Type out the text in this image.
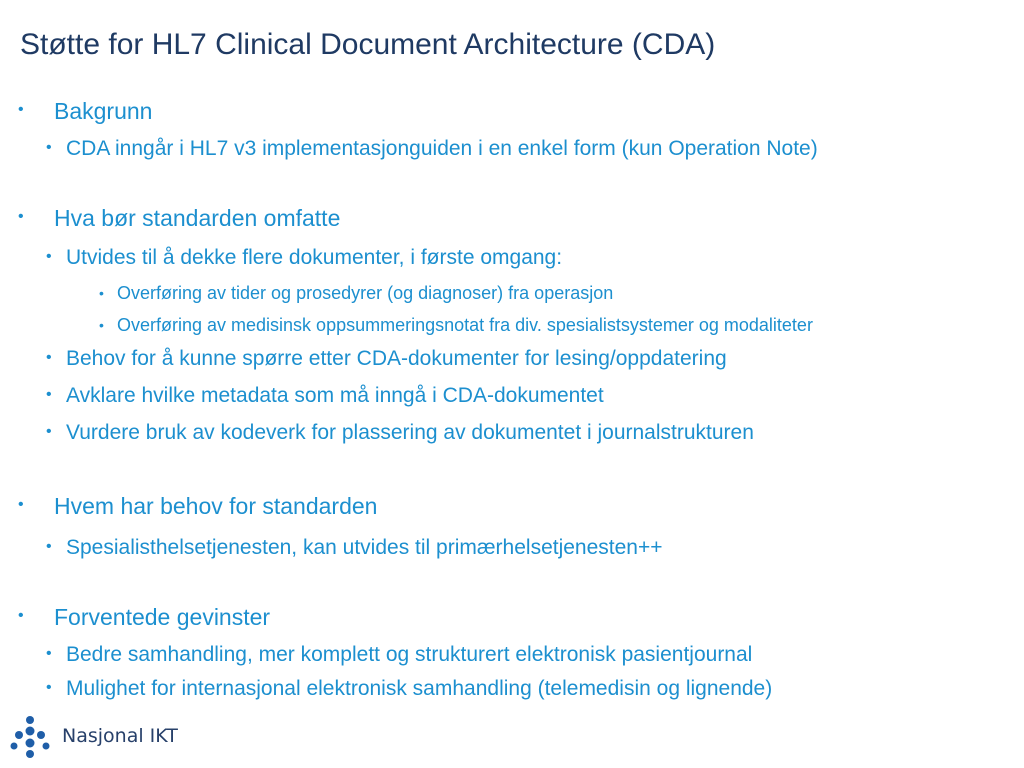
Støtte for HL7 Clinical Document Architecture (CDA)
• Bakgrunn
• CDA inngår i HL7 v3 implementasjonguiden i en enkel form (kun Operation Note)
• Hva bør standarden omfatte
• Utvides til å dekke flere dokumenter, i første omgang:
• Overføring av tider og prosedyrer (og diagnoser) fra operasjon
• Overføring av medisinsk oppsummeringsnotat fra div. spesialistsystemer og modaliteter
• Behov for å kunne spørre etter CDA-dokumenter for lesing/oppdatering
• Avklare hvilke metadata som må inngå i CDA-dokumentet
• Vurdere bruk av kodeverk for plassering av dokumentet i journalstrukturen
• Hvem har behov for standarden
• Spesialisthelsetjenesten, kan utvides til primærhelsetjenesten++
• Forventede gevinster
• Bedre samhandling, mer komplett og strukturert elektronisk pasientjournal
• Mulighet for internasjonal elektronisk samhandling (telemedisin og lignende)
Nasjonal IKT
